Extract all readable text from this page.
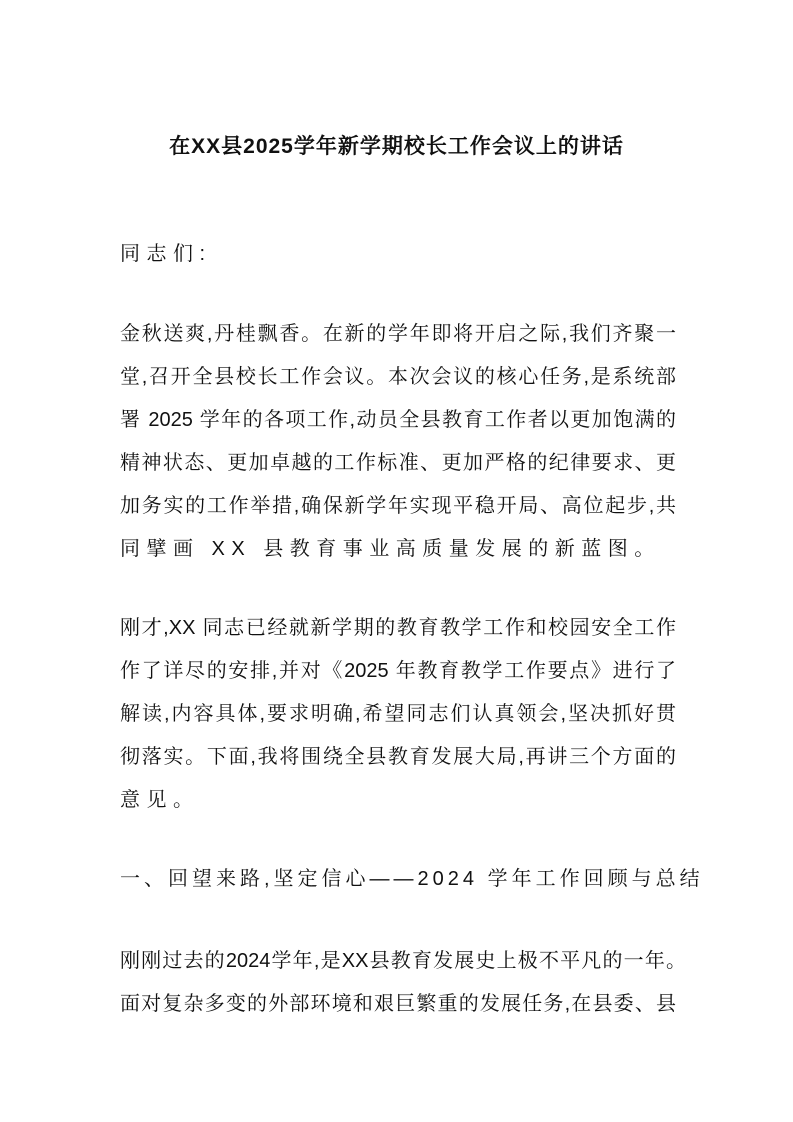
在XX县2025学年新学期校长工作会议上的讲话
同志们:
金秋送爽,丹桂飘香。在新的学年即将开启之际,我们齐聚一
堂,召开全县校长工作会议。本次会议的核心任务,是系统部
署 2025 学年的各项工作,动员全县教育工作者以更加饱满的
精神状态、更加卓越的工作标准、更加严格的纪律要求、更
加务实的工作举措,确保新学年实现平稳开局、高位起步,共
同擘画 XX 县教育事业高质量发展的新蓝图。
刚才,XX 同志已经就新学期的教育教学工作和校园安全工作
作了详尽的安排,并对《2025 年教育教学工作要点》进行了
解读,内容具体,要求明确,希望同志们认真领会,坚决抓好贯
彻落实。下面,我将围绕全县教育发展大局,再讲三个方面的
意见。
一、回望来路,坚定信心——2024 学年工作回顾与总结
刚刚过去的2024学年,是XX县教育发展史上极不平凡的一年。
面对复杂多变的外部环境和艰巨繁重的发展任务,在县委、县
